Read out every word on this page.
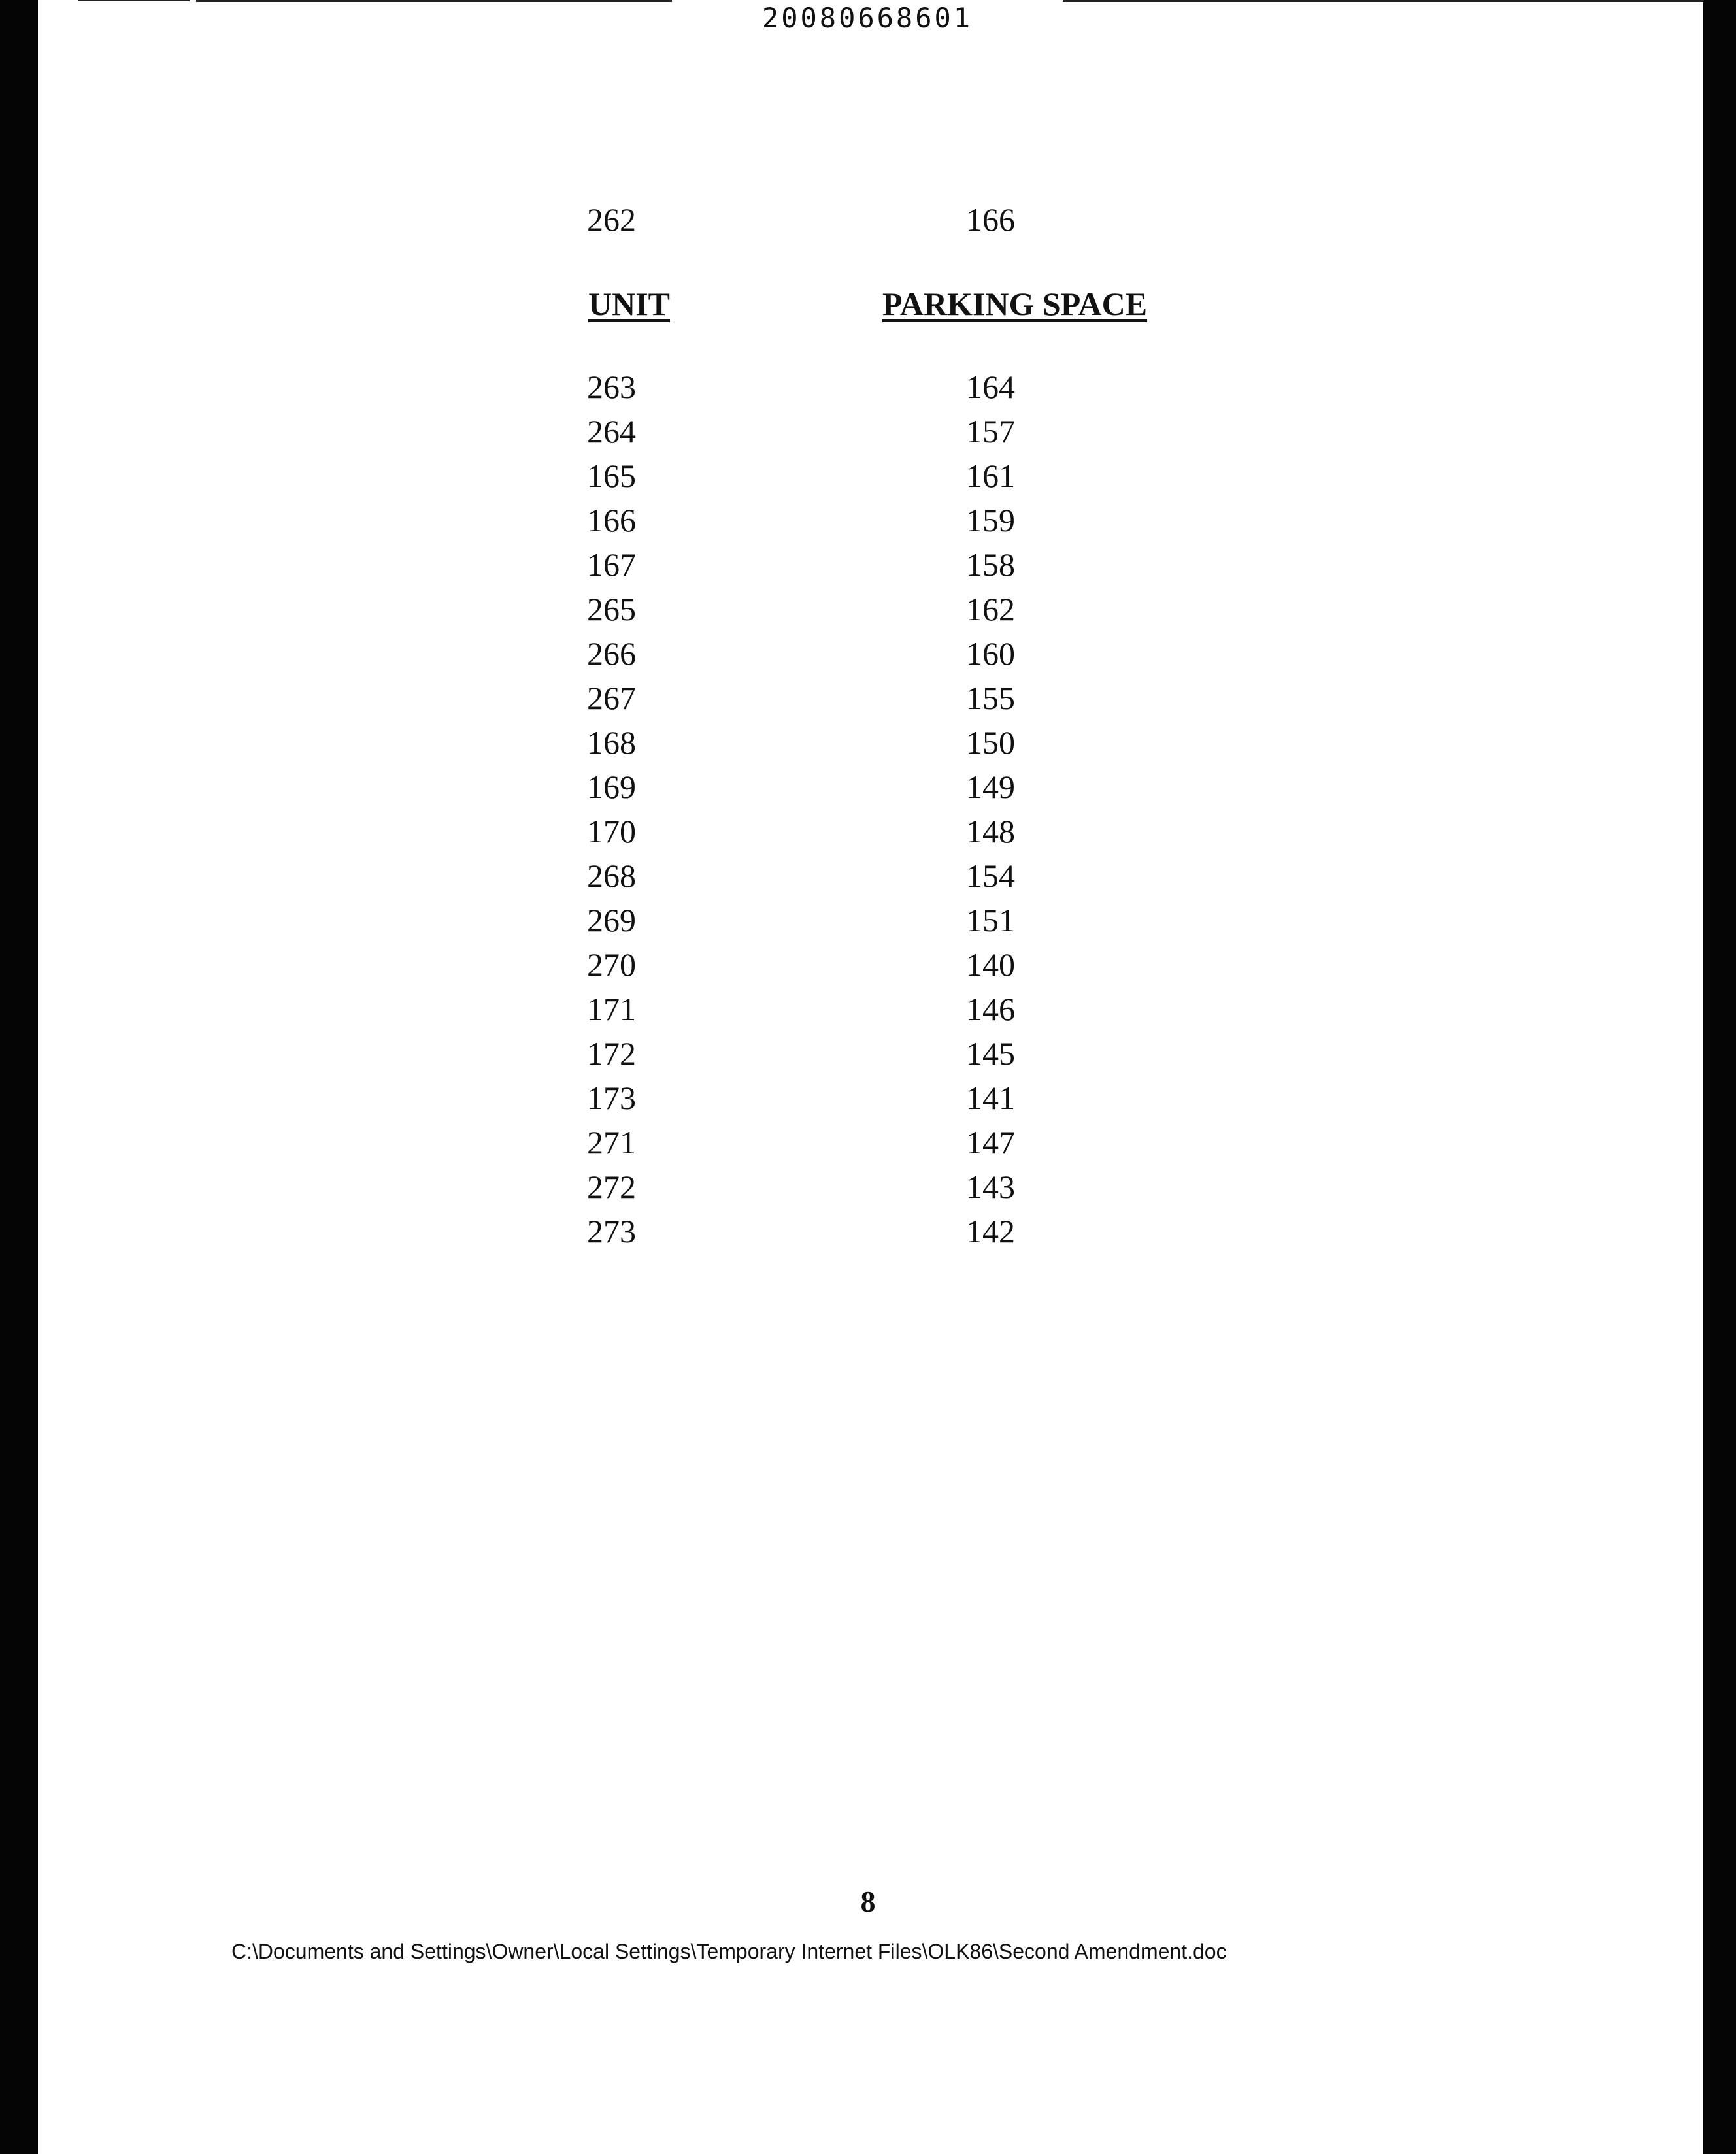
20080668601
262	166
UNIT	PARKING SPACE
263	164
264	157
165	161
166	159
167	158
265	162
266	160
267	155
168	150
169	149
170	148
268	154
269	151
270	140
171	146
172	145
173	141
271	147
272	143
273	142
8
C:\Documents and Settings\Owner\Local Settings\Temporary Internet Files\OLK86\Second Amendment.doc
